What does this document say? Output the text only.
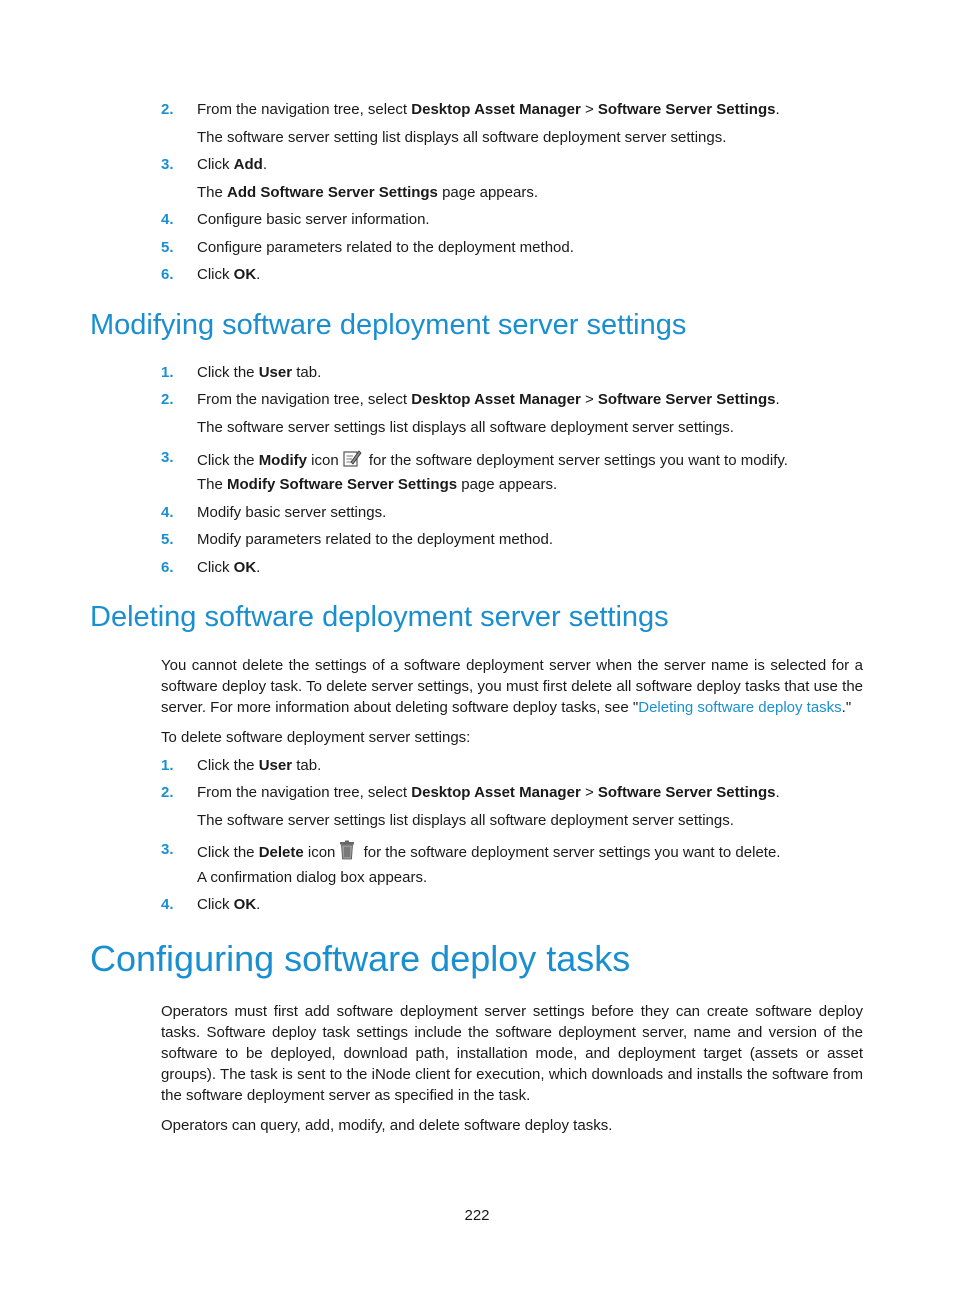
2. From the navigation tree, select Desktop Asset Manager > Software Server Settings.
The software server setting list displays all software deployment server settings.
3. Click Add.
The Add Software Server Settings page appears.
4. Configure basic server information.
5. Configure parameters related to the deployment method.
6. Click OK.
Modifying software deployment server settings
1. Click the User tab.
2. From the navigation tree, select Desktop Asset Manager > Software Server Settings.
The software server settings list displays all software deployment server settings.
3. Click the Modify icon for the software deployment server settings you want to modify.
The Modify Software Server Settings page appears.
4. Modify basic server settings.
5. Modify parameters related to the deployment method.
6. Click OK.
Deleting software deployment server settings
You cannot delete the settings of a software deployment server when the server name is selected for a software deploy task. To delete server settings, you must first delete all software deploy tasks that use the server. For more information about deleting software deploy tasks, see "Deleting software deploy tasks."
To delete software deployment server settings:
1. Click the User tab.
2. From the navigation tree, select Desktop Asset Manager > Software Server Settings.
The software server settings list displays all software deployment server settings.
3. Click the Delete icon for the software deployment server settings you want to delete.
A confirmation dialog box appears.
4. Click OK.
Configuring software deploy tasks
Operators must first add software deployment server settings before they can create software deploy tasks. Software deploy task settings include the software deployment server, name and version of the software to be deployed, download path, installation mode, and deployment target (assets or asset groups). The task is sent to the iNode client for execution, which downloads and installs the software from the software deployment server as specified in the task.
Operators can query, add, modify, and delete software deploy tasks.
222
